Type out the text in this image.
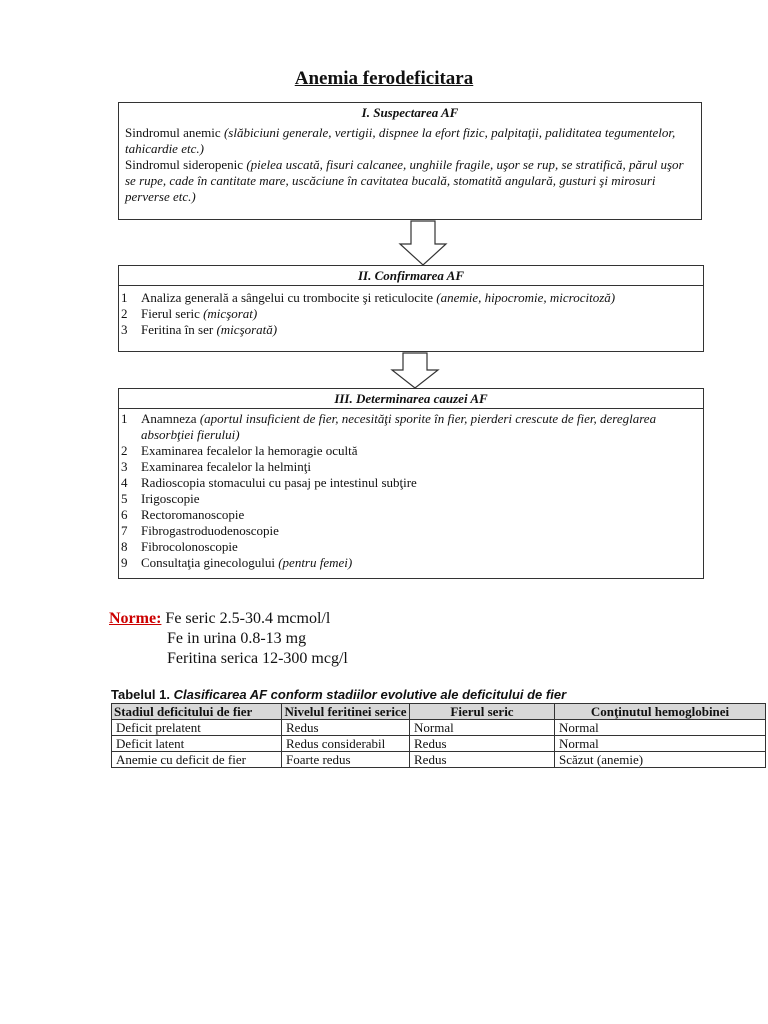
Anemia ferodeficitara
I. Suspectarea AF
Sindromul anemic (slăbiciuni generale, vertigii, dispnee la efort fizic, palpitaţii, paliditatea tegumentelor, tahicardie etc.)
Sindromul sideropenic (pielea uscată, fisuri calcanee, unghiile fragile, uşor se rup, se stratifică, părul uşor se rupe, cade în cantitate mare, uscăciune în cavitatea bucală, stomatită angulară, gusturi şi mirosuri perverse etc.)
II. Confirmarea AF
1	Analiza generală a sângelui cu trombocite şi reticulocite (anemie, hipocromie, microcitoză)
2	Fierul seric (micşorat)
3	Feritina în ser (micşorată)
III. Determinarea cauzei AF
1	Anamneza (aportul insuficient de fier, necesităţi sporite în fier, pierderi crescute de fier, dereglarea absorbţiei fierului)
2	Examinarea fecalelor la hemoragie ocultă
3	Examinarea fecalelor la helminţi
4	Radioscopia stomacului cu pasaj pe intestinul subţire
5	Irigoscopie
6	Rectoromanoscopie
7	Fibrogastroduodenoscopie
8	Fibrocolonoscopie
9	Consultaţia ginecologului (pentru femei)
Norme: Fe seric 2.5-30.4 mcmol/l
Fe in urina 0.8-13 mg
Feritina serica 12-300 mcg/l
Tabelul 1. Clasificarea AF conform stadiilor evolutive ale deficitului de fier
Stadiul deficitului de fier	Nivelul feritinei serice	Fierul seric	Conţinutul hemoglobinei
Deficit prelatent	Redus	Normal	Normal
Deficit latent	Redus considerabil	Redus	Normal
Anemie cu deficit de fier	Foarte redus	Redus	Scăzut (anemie)
